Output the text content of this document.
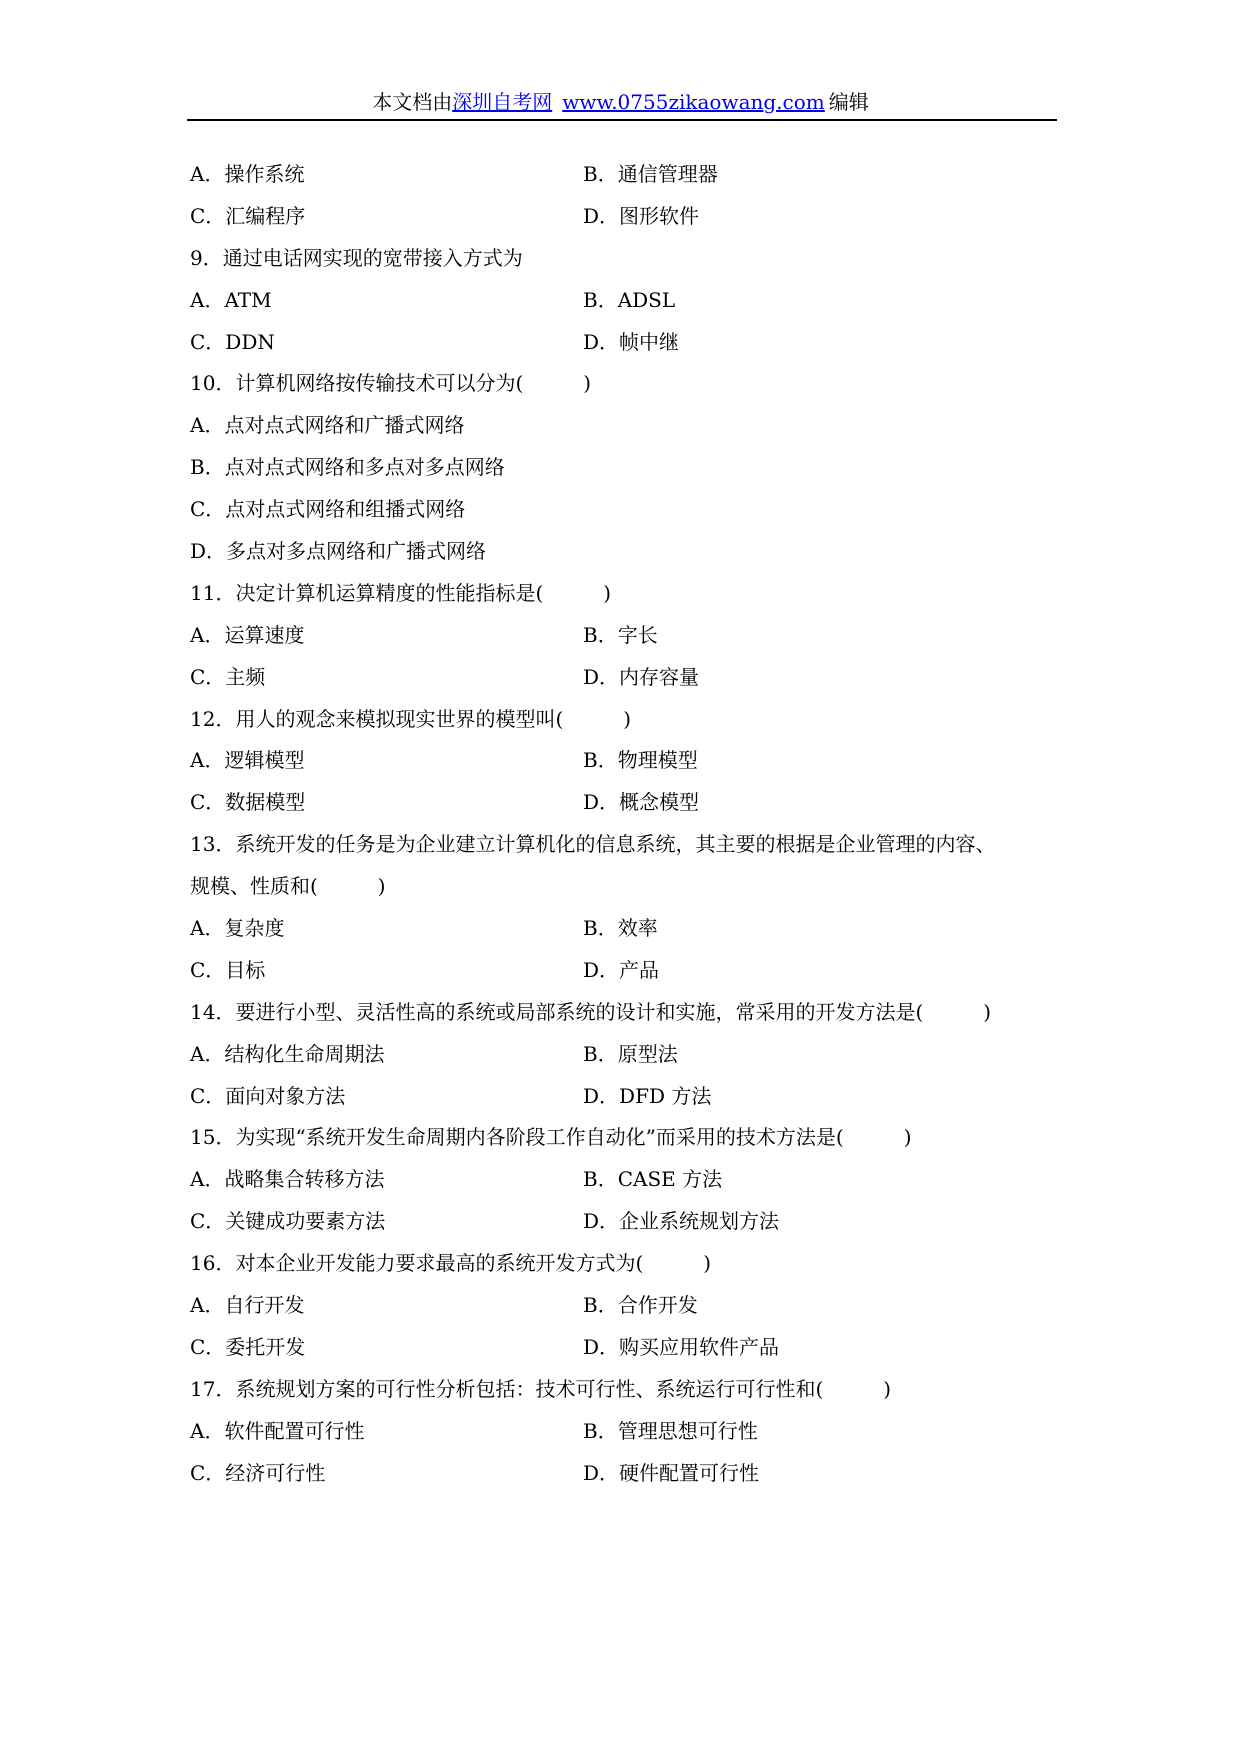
本文档由深圳自考网 www.0755zikaowang.com 编辑
A．操作系统	B．通信管理器
C．汇编程序	D．图形软件
9．通过电话网实现的宽带接入方式为
A．ATM	B．ADSL
C．DDN	D．帧中继
10．计算机网络按传输技术可以分为(　　　)
A．点对点式网络和广播式网络
B．点对点式网络和多点对多点网络
C．点对点式网络和组播式网络
D．多点对多点网络和广播式网络
11．决定计算机运算精度的性能指标是(　　　)
A．运算速度	B．字长
C．主频	D．内存容量
12．用人的观念来模拟现实世界的模型叫(　　　)
A．逻辑模型	B．物理模型
C．数据模型	D．概念模型
13．系统开发的任务是为企业建立计算机化的信息系统，其主要的根据是企业管理的内容、
规模、性质和(　　　)
A．复杂度	B．效率
C．目标	D．产品
14．要进行小型、灵活性高的系统或局部系统的设计和实施，常采用的开发方法是(　　　)
A．结构化生命周期法	B．原型法
C．面向对象方法	D．DFD 方法
15．为实现“系统开发生命周期内各阶段工作自动化”而采用的技术方法是(　　　)
A．战略集合转移方法	B．CASE 方法
C．关键成功要素方法	D．企业系统规划方法
16．对本企业开发能力要求最高的系统开发方式为(　　　)
A．自行开发	B．合作开发
C．委托开发	D．购买应用软件产品
17．系统规划方案的可行性分析包括：技术可行性、系统运行可行性和(　　　)
A．软件配置可行性	B．管理思想可行性
C．经济可行性	D．硬件配置可行性
